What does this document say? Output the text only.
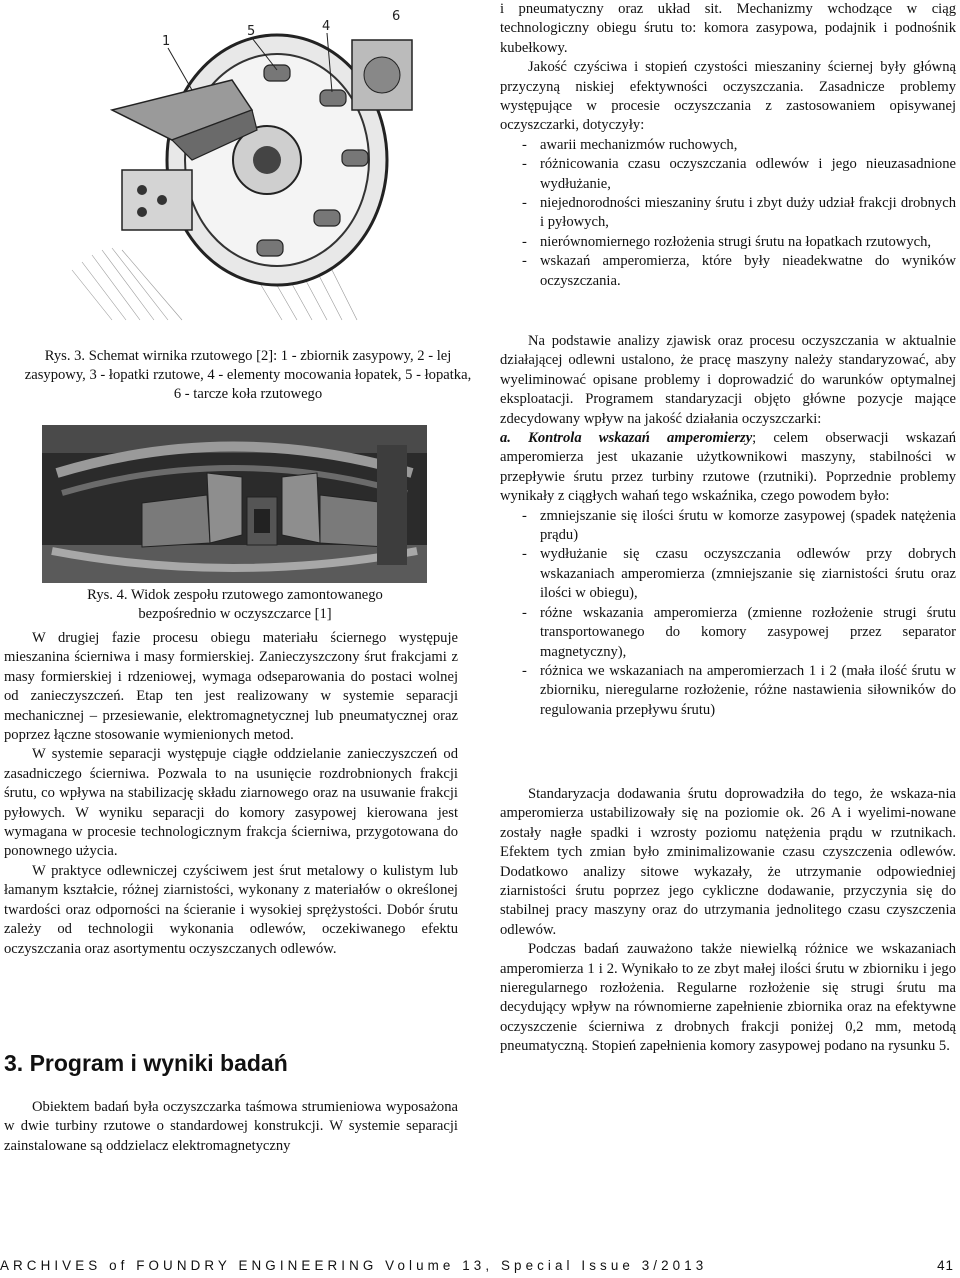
1
5	4
6
Rys. 3. Schemat wirnika rzutowego [2]: 1 - zbiornik zasypowy, 2 - lej zasypowy, 3 - łopatki rzutowe, 4 - elementy mocowania łopatek, 5 - łopatka, 6 - tarcze koła rzutowego
Rys. 4. Widok zespołu rzutowego zamontowanego
bezpośrednio w oczyszczarce [1]

W drugiej fazie procesu obiegu materiału ściernego występuje mieszanina ścierniwa i masy formierskiej. Zanieczyszczony śrut frakcjami z masy formierskiej i rdzeniowej, wymaga odseparowania do postaci wolnej od zanieczyszczeń. Etap ten jest realizowany w systemie separacji mechanicznej – przesiewanie, elektromagnetycznej lub pneumatycznej oraz poprzez łączne stosowanie wymienionych metod.

W systemie separacji występuje ciągłe oddzielanie zanieczyszczeń od zasadniczego ścierniwa. Pozwala to na usunięcie rozdrobnionych frakcji śrutu, co wpływa na stabilizację składu ziarnowego oraz na usuwanie frakcji pyłowych. W wyniku separacji do komory zasypowej kierowana jest wymagana w procesie technologicznym frakcja ścierniwa, przygotowana do ponownego użycia.

W praktyce odlewniczej czyściwem jest śrut metalowy o kulistym lub łamanym kształcie, różnej ziarnistości, wykonany z materiałów o określonej twardości oraz odporności na ścieranie i wysokiej sprężystości. Dobór śrutu zależy od technologii wykonania odlewów, oczekiwanego efektu oczyszczania oraz asortymentu oczyszczanych odlewów.

3. Program i wyniki badań

Obiektem badań była oczyszczarka taśmowa strumieniowa wyposażona w dwie turbiny rzutowe o standardowej konstrukcji. W systemie separacji zainstalowane są oddzielacz elektromagnetyczny

i pneumatyczny oraz układ sit. Mechanizmy wchodzące w ciąg technologiczny obiegu śrutu to: komora zasypowa, podajnik i podnośnik kubełkowy.

Jakość czyściwa i stopień czystości mieszaniny ściernej były główną przyczyną niskiej efektywności oczyszczania. Zasadnicze problemy występujące w procesie oczyszczania z zastosowaniem opisywanej oczyszczarki, dotyczyły:

- awarii mechanizmów ruchowych,
- różnicowania czasu oczyszczania odlewów i jego nieuzasadnione wydłużanie,
- niejednorodności mieszaniny śrutu i zbyt duży udział frakcji drobnych i pyłowych,
- nierównomiernego rozłożenia strugi śrutu na łopatkach rzutowych,
- wskazań amperomierza, które były nieadekwatne do wyników oczyszczania.

Na podstawie analizy zjawisk oraz procesu oczyszczania w aktualnie działającej odlewni ustalono, że pracę maszyny należy standaryzować, aby wyeliminować opisane problemy i doprowadzić do warunków optymalnej eksploatacji. Programem standaryzacji objęto główne pozycje mające zdecydowany wpływ na jakość działania oczyszczarki:

a. Kontrola wskazań amperomierzy; celem obserwacji wskazań amperomierza jest ukazanie użytkownikowi maszyny, stabilności w przepływie śrutu przez turbiny rzutowe (rzutniki). Poprzednie problemy wynikały z ciągłych wahań tego wskaźnika, czego powodem było:

- zmniejszanie się ilości śrutu w komorze zasypowej (spadek natężenia prądu)
- wydłużanie się czasu oczyszczania odlewów przy dobrych wskazaniach amperomierza (zmniejszanie się ziarnistości śrutu oraz ilości w obiegu),
- różne wskazania amperomierza (zmienne rozłożenie strugi śrutu transportowanego do komory zasypowej przez separator magnetyczny),
- różnica we wskazaniach na amperomierzach 1 i 2 (mała ilość śrutu w zbiorniku, nieregularne rozłożenie, różne nastawienia siłowników do regulowania przepływu śrutu)

Standaryzacja dodawania śrutu doprowadziła do tego, że wskaza-nia amperomierza ustabilizowały się na poziomie ok. 26 A i wyelimi-nowane zostały nagłe spadki i wzrosty poziomu natężenia prądu w rzutnikach. Efektem tych zmian było zminimalizowanie czasu czyszczenia odlewów. Dodatkowo analizy sitowe wykazały, że utrzymanie odpowiedniej ziarnistości śrutu poprzez jego cykliczne dodawanie, przyczynia się do stabilnej pracy maszyny oraz do utrzymania jednolitego czasu czyszczenia odlewów.

Podczas badań zauważono także niewielką różnice we wskazaniach amperomierza 1 i 2. Wynikało to ze zbyt małej ilości śrutu w zbiorniku i jego nieregularnego rozłożenia. Regularne rozłożenie się strugi śrutu ma decydujący wpływ na równomierne zapełnienie zbiornika oraz na efektywne oczyszczenie ścierniwa z drobnych frakcji poniżej 0,2 mm, metodą pneumatyczną. Stopień zapełnienia komory zasypowej podano na rysunku 5.

ARCHIVES of FOUNDRY ENGINEERING Volume 13, Special Issue 3/2013	41
